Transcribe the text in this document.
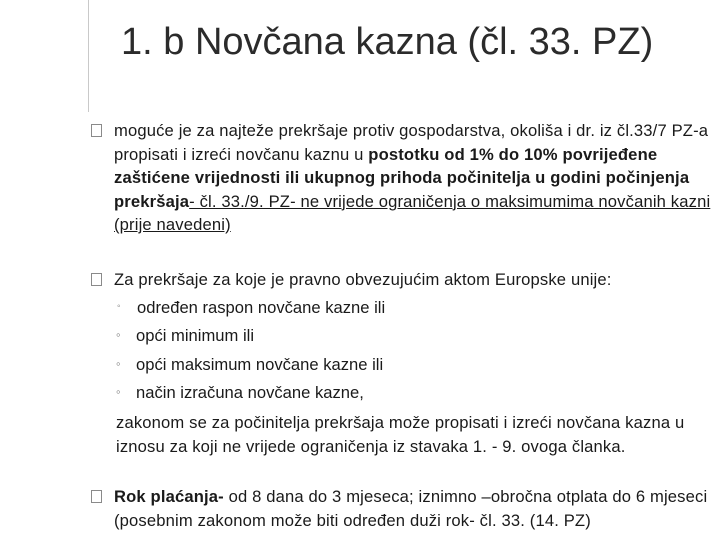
1. b Novčana kazna (čl. 33. PZ)
moguće je za najteže prekršaje protiv gospodarstva, okoliša i dr. iz čl.33/7 PZ-a propisati i izreći novčanu kaznu u postotku od 1% do 10% povrijeđene zaštićene vrijednosti ili ukupnog prihoda počinitelja u godini počinjenja prekršaja- čl. 33./9. PZ- ne vrijede ograničenja o maksimumima novčanih kazni (prije navedeni)
Za prekršaje za koje je pravno obvezujućim aktom Europske unije:
◦ određen raspon novčane kazne ili
◦ opći minimum ili
◦ opći maksimum novčane kazne ili
◦ način izračuna novčane kazne,
zakonom se za počinitelja prekršaja može propisati i izreći novčana kazna u iznosu za koji ne vrijede ograničenja iz stavaka 1. - 9. ovoga članka.
Rok plaćanja- od 8 dana do 3 mjeseca; iznimno –obročna otplata do 6 mjeseci (posebnim zakonom može biti određen duži rok- čl. 33. (14. PZ)
